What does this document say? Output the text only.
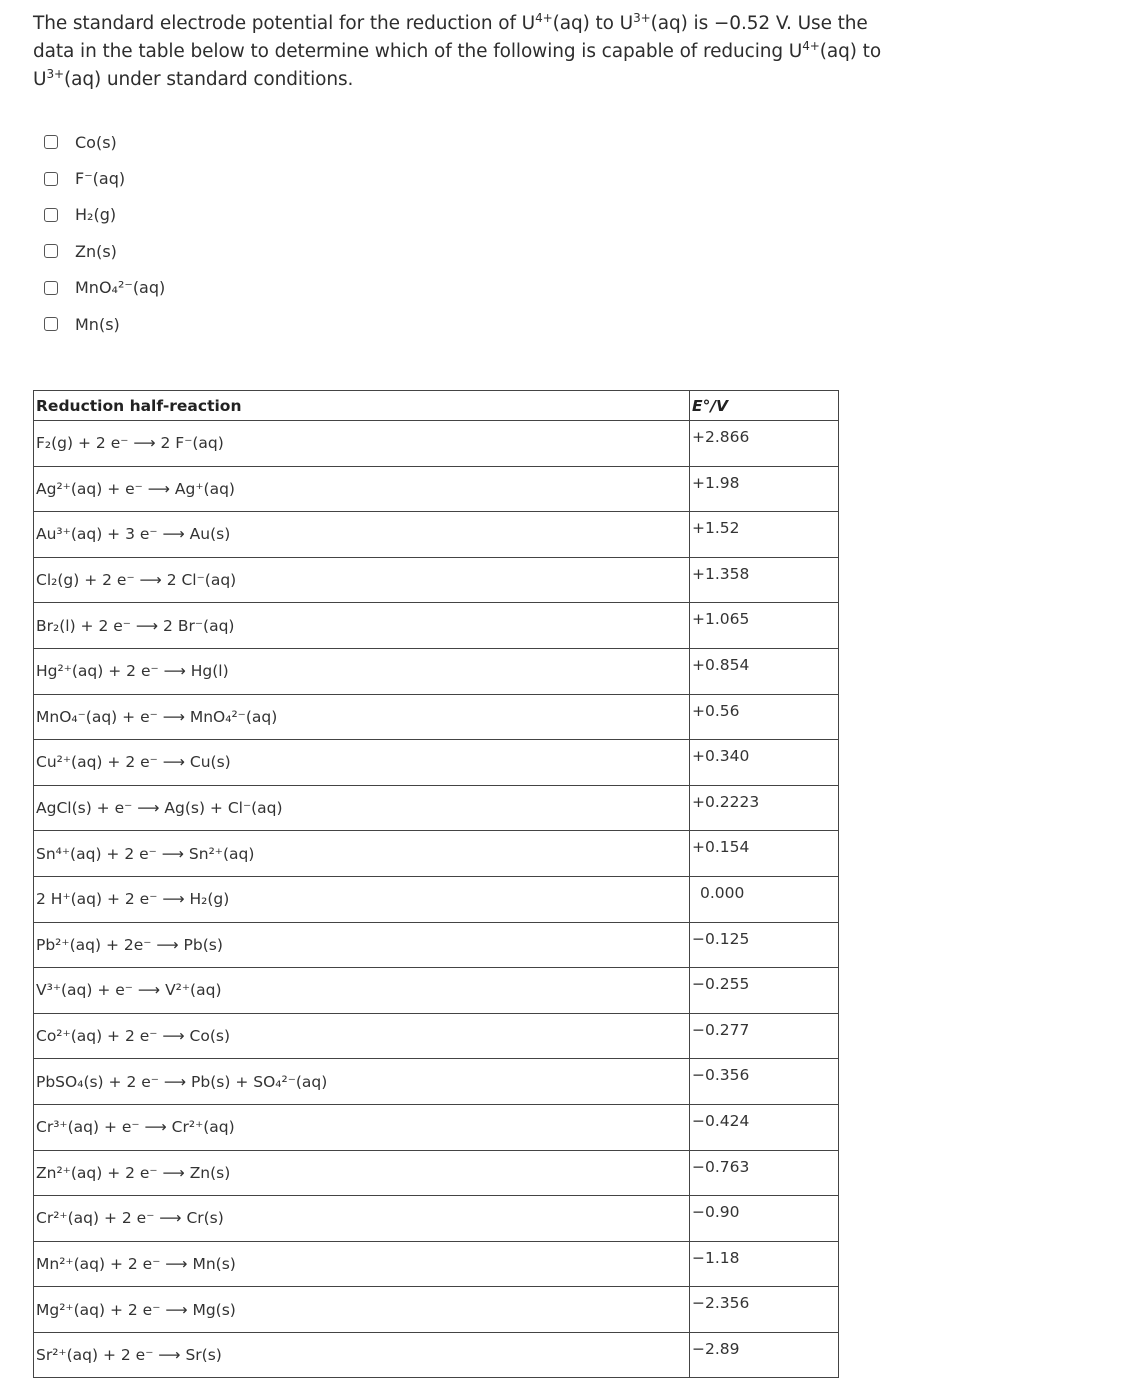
The standard electrode potential for the reduction of $U^{4+}(aq)$ to $U^{3+}(aq)$ is −0.52 V. Use the
data in the table below to determine which of the following is capable of reducing $U^{4+}(aq)$ to
$U^{3+}(aq)$ under standard conditions.
Co(s)
F⁻(aq)
H₂(g)
Zn(s)
MnO₄²⁻(aq)
Mn(s)
Reduction half-reaction	E°/V
F₂(g) + 2 e⁻ ⟶ 2 F⁻(aq)	+2.866
Ag²⁺(aq) + e⁻ ⟶ Ag⁺(aq)	+1.98
Au³⁺(aq) + 3 e⁻ ⟶ Au(s)	+1.52
Cl₂(g) + 2 e⁻ ⟶ 2 Cl⁻(aq)	+1.358
Br₂(l) + 2 e⁻ ⟶ 2 Br⁻(aq)	+1.065
Hg²⁺(aq) + 2 e⁻ ⟶ Hg(l)	+0.854
MnO₄⁻(aq) + e⁻ ⟶ MnO₄²⁻(aq)	+0.56
Cu²⁺(aq) + 2 e⁻ ⟶ Cu(s)	+0.340
AgCl(s) + e⁻ ⟶ Ag(s) + Cl⁻(aq)	+0.2223
Sn⁴⁺(aq) + 2 e⁻ ⟶ Sn²⁺(aq)	+0.154
2 H⁺(aq) + 2 e⁻ ⟶ H₂(g)	0.000
Pb²⁺(aq) + 2e⁻ ⟶ Pb(s)	−0.125
V³⁺(aq) + e⁻ ⟶ V²⁺(aq)	−0.255
Co²⁺(aq) + 2 e⁻ ⟶ Co(s)	−0.277
PbSO₄(s) + 2 e⁻ ⟶ Pb(s) + SO₄²⁻(aq)	−0.356
Cr³⁺(aq) + e⁻ ⟶ Cr²⁺(aq)	−0.424
Zn²⁺(aq) + 2 e⁻ ⟶ Zn(s)	−0.763
Cr²⁺(aq) + 2 e⁻ ⟶ Cr(s)	−0.90
Mn²⁺(aq) + 2 e⁻ ⟶ Mn(s)	−1.18
Mg²⁺(aq) + 2 e⁻ ⟶ Mg(s)	−2.356
Sr²⁺(aq) + 2 e⁻ ⟶ Sr(s)	−2.89
